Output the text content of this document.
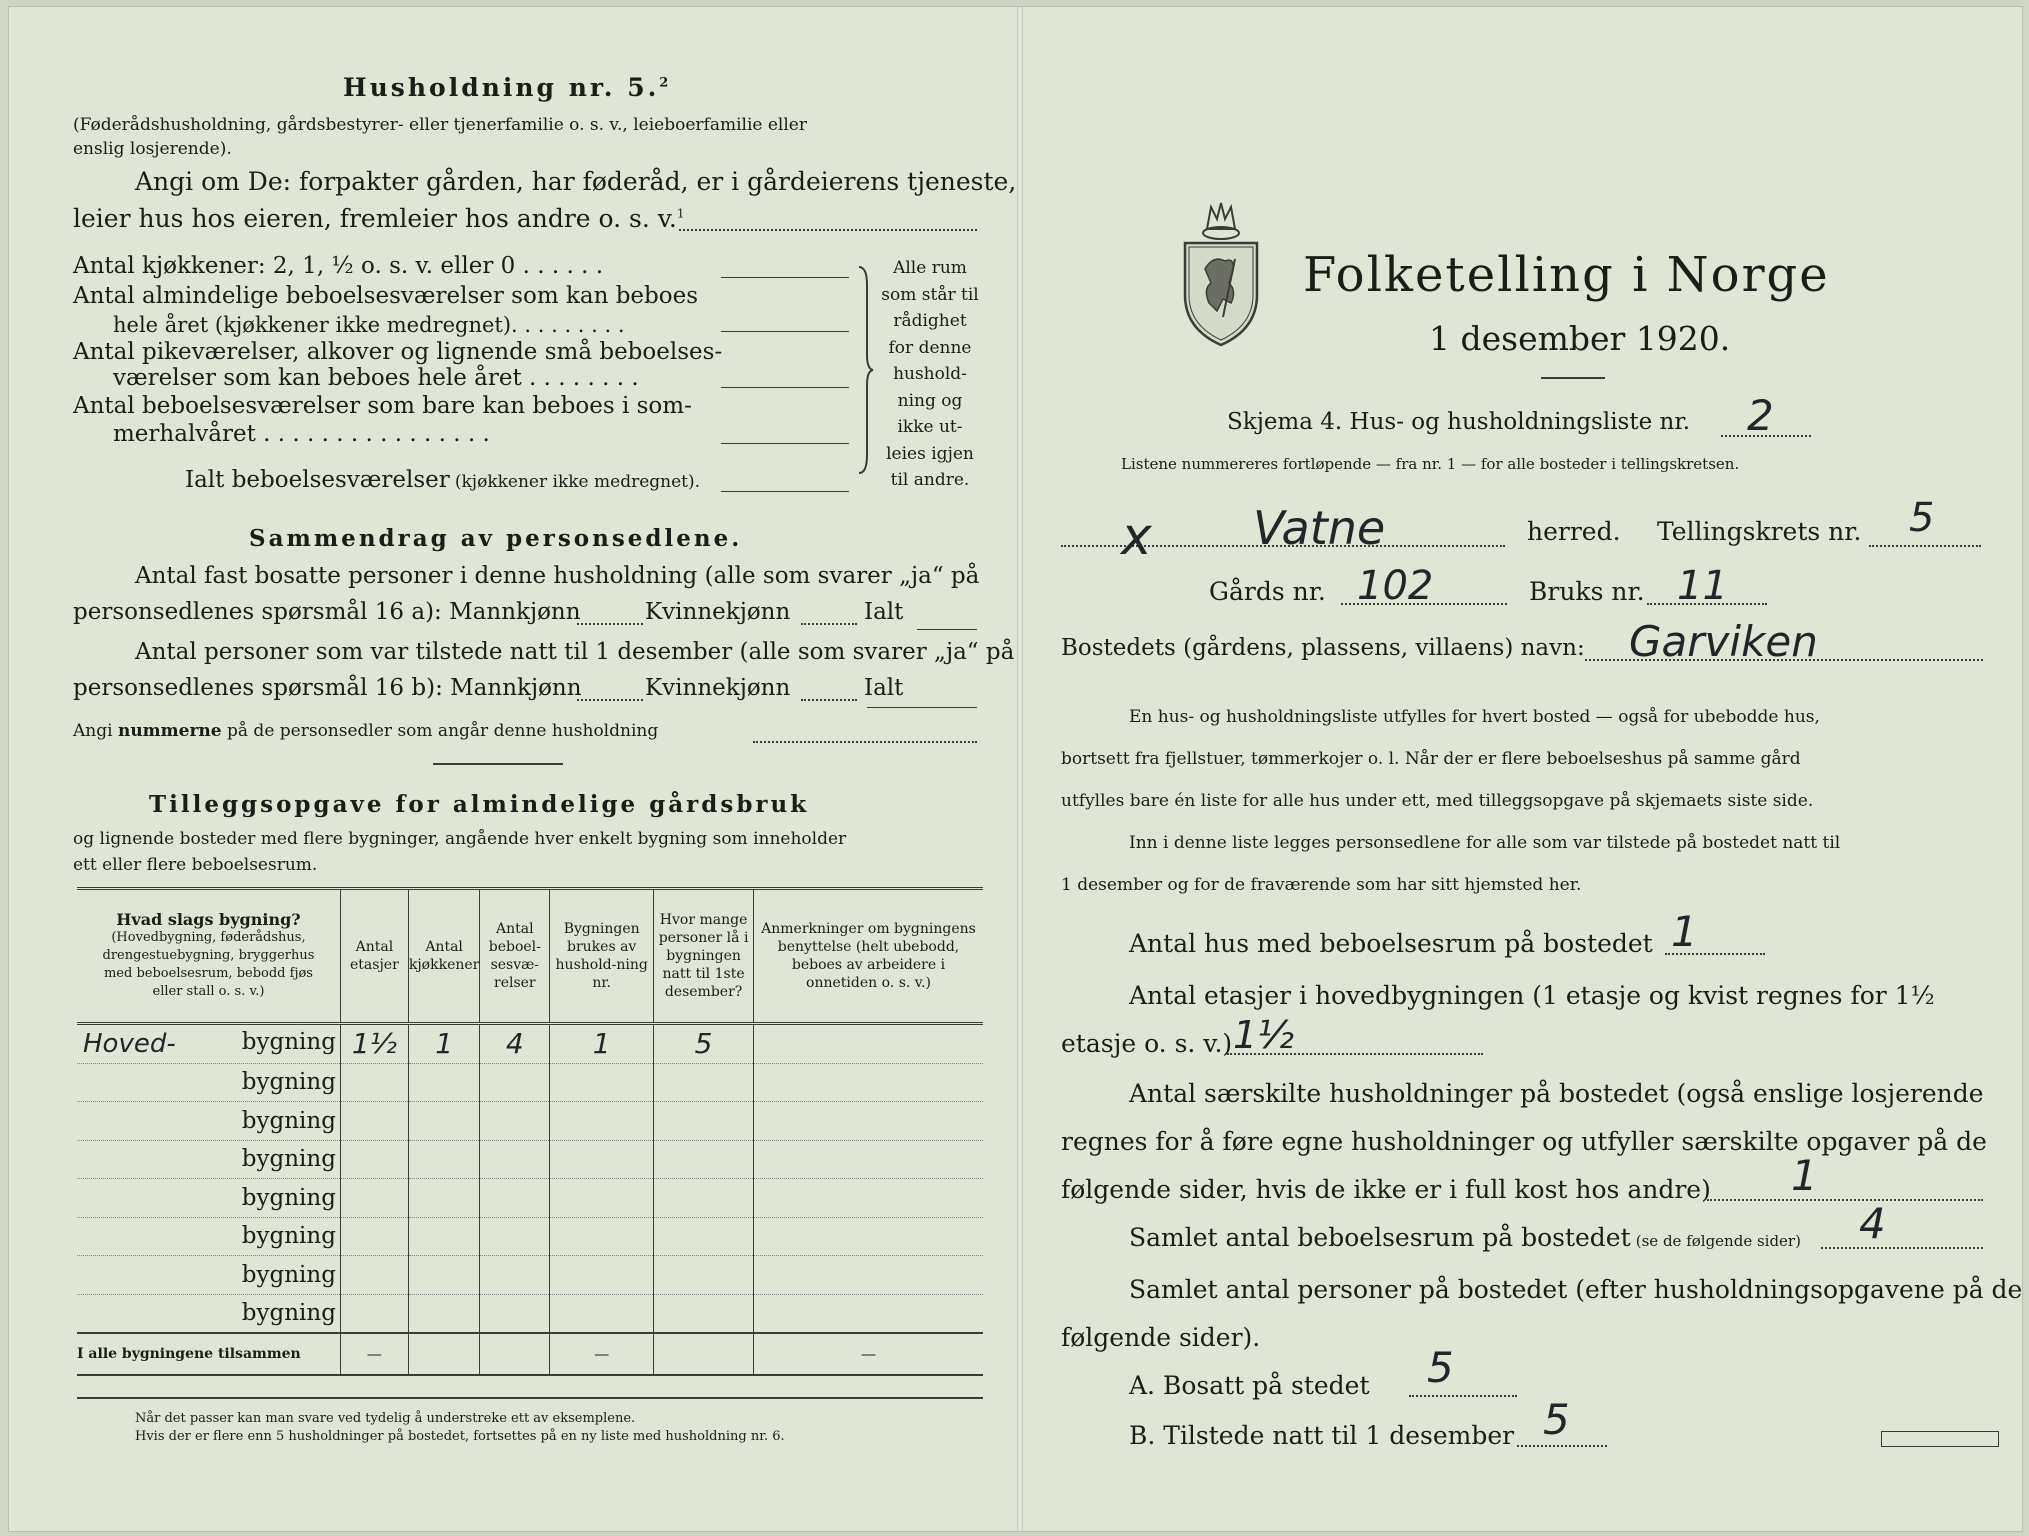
Husholdning nr. 5.$^2$
(Føderådshusholdning, gårdsbestyrer- eller tjenerfamilie o. s. v., leieboerfamilie eller
enslig losjerende).
Angi om De: forpakter gården, har føderåd, er i gårdeierens tjeneste,
leier hus hos eieren, fremleier hos andre o. s. v.$^1$
Antal kjøkkener: 2, 1, ½ o. s. v. eller 0 . . . . . .
Antal almindelige beboelsesværelser som kan beboes
hele året (kjøkkener ikke medregnet). . . . . . . . .
Antal pikeværelser, alkover og lignende små beboelses-
værelser som kan beboes hele året . . . . . . . .
Antal beboelsesværelser som bare kan beboes i som-
merhalvåret . . . . . . . . . . . . . . . .
Alle rum
som står til
rådighet
for denne
hushold-
ning og
ikke ut-
leies igjen
til andre.
Ialt beboelsesværelser (kjøkkener ikke medregnet).
Sammendrag av personsedlene.
Antal fast bosatte personer i denne husholdning (alle som svarer „ja“ på
personsedlenes spørsmål 16 a): Mannkjønn	Kvinnekjønn	Ialt
Antal personer som var tilstede natt til 1 desember (alle som svarer „ja“ på
personsedlenes spørsmål 16 b): Mannkjønn	Kvinnekjønn	Ialt
Angi nummerne på de personsedler som angår denne husholdning
Tilleggsopgave for almindelige gårdsbruk
og lignende bosteder med flere bygninger, angående hver enkelt bygning som inneholder
ett eller flere beboelsesrum.
Hvad slags bygning?
(Hovedbygning, føderådshus, drengestuebygning, bryggerhus med beboelsesrum, bebodd fjøs eller stall o. s. v.)	Antal etasjer	Antal kjøkkener	Antal beboel-sesvæ-relser	Bygningen brukes av hushold-ning nr.	Hvor mange personer lå i bygningen natt til 1ste desember?	Anmerkninger om bygningens benyttelse (helt ubebodd, beboes av arbeidere i onnetiden o. s. v.)

Hoved- bygning	1½	1	4	1	5	

bygning						

bygning						

bygning						

bygning						

bygning						

bygning						

bygning						
I alle bygningene tilsammen	—			—		—
Når det passer kan man svare ved tydelig å understreke ett av eksemplene.
Hvis der er flere enn 5 husholdninger på bostedet, fortsettes på en ny liste med husholdning nr. 6.
Folketelling i Norge
1 desember 1920.
Skjema 4. Hus- og husholdningsliste nr. 2
Listene nummereres fortløpende — fra nr. 1 — for alle bosteder i tellingskretsen.
x Vatne	herred. Tellingskrets nr. 5
Gårds nr. 102	Bruks nr. 11
Bostedets (gårdens, plassens, villaens) navn: Garviken
En hus- og husholdningsliste utfylles for hvert bosted — også for ubebodde hus,
bortsett fra fjellstuer, tømmerkojer o. l. Når der er flere beboelseshus på samme gård
utfylles bare én liste for alle hus under ett, med tilleggsopgave på skjemaets siste side.
Inn i denne liste legges personsedlene for alle som var tilstede på bostedet natt til
1 desember og for de fraværende som har sitt hjemsted her.
Antal hus med beboelsesrum på bostedet 1
Antal etasjer i hovedbygningen (1 etasje og kvist regnes for 1½
etasje o. s. v.) 1½
Antal særskilte husholdninger på bostedet (også enslige losjerende
regnes for å føre egne husholdninger og utfyller særskilte opgaver på de
følgende sider, hvis de ikke er i full kost hos andre) 1
Samlet antal beboelsesrum på bostedet (se de følgende sider) 4
Samlet antal personer på bostedet (efter husholdningsopgavene på de
følgende sider).
A. Bosatt på stedet 5
B. Tilstede natt til 1 desember 5
